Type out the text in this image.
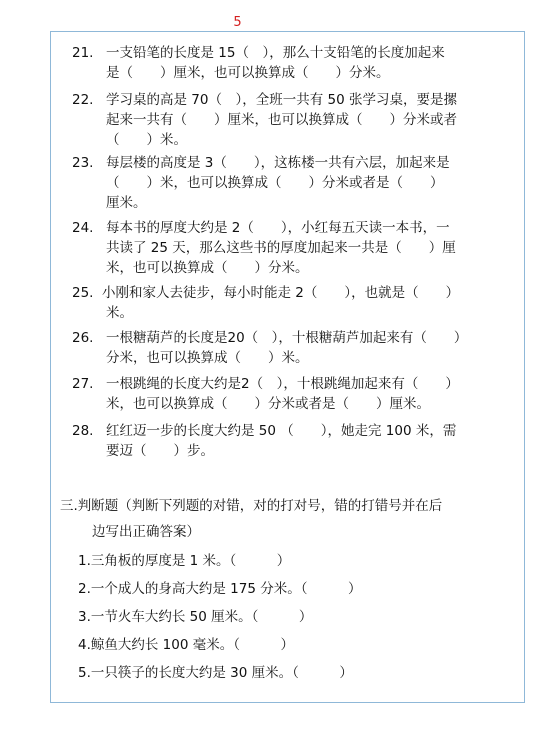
5
21. 一支铅笔的长度是 15（　），那么十支铅笔的长度加起来
是（　　）厘米，也可以换算成（　　）分米。
22. 学习桌的高是 70（　），全班一共有 50 张学习桌，要是摞
起来一共有（　　）厘米，也可以换算成（　　）分米或者
（　　）米。
23. 每层楼的高度是 3（　　），这栋楼一共有六层，加起来是
（　　）米，也可以换算成（　　）分米或者是（　　）
厘米。
24. 每本书的厚度大约是 2（　　），小红每五天读一本书，一
共读了 25 天，那么这些书的厚度加起来一共是（　　）厘
米，也可以换算成（　　）分米。
25. 小刚和家人去徒步，每小时能走 2（　　），也就是（　　）
米。
26. 一根糖葫芦的长度是20（　），十根糖葫芦加起来有（　　）
分米，也可以换算成（　　）米。
27. 一根跳绳的长度大约是2（　），十根跳绳加起来有（　　）
米，也可以换算成（　　）分米或者是（　　）厘米。
28. 红红迈一步的长度大约是 50 （　　），她走完 100 米，需
要迈（　　）步。
三.判断题（判断下列题的对错，对的打对号，错的打错号并在后
边写出正确答案）
1.三角板的厚度是 1 米。（　　　）
2.一个成人的身高大约是 175 分米。（　　　）
3.一节火车大约长 50 厘米。（　　　）
4.鲸鱼大约长 100 毫米。（　　　）
5.一只筷子的长度大约是 30 厘米。（　　　）
